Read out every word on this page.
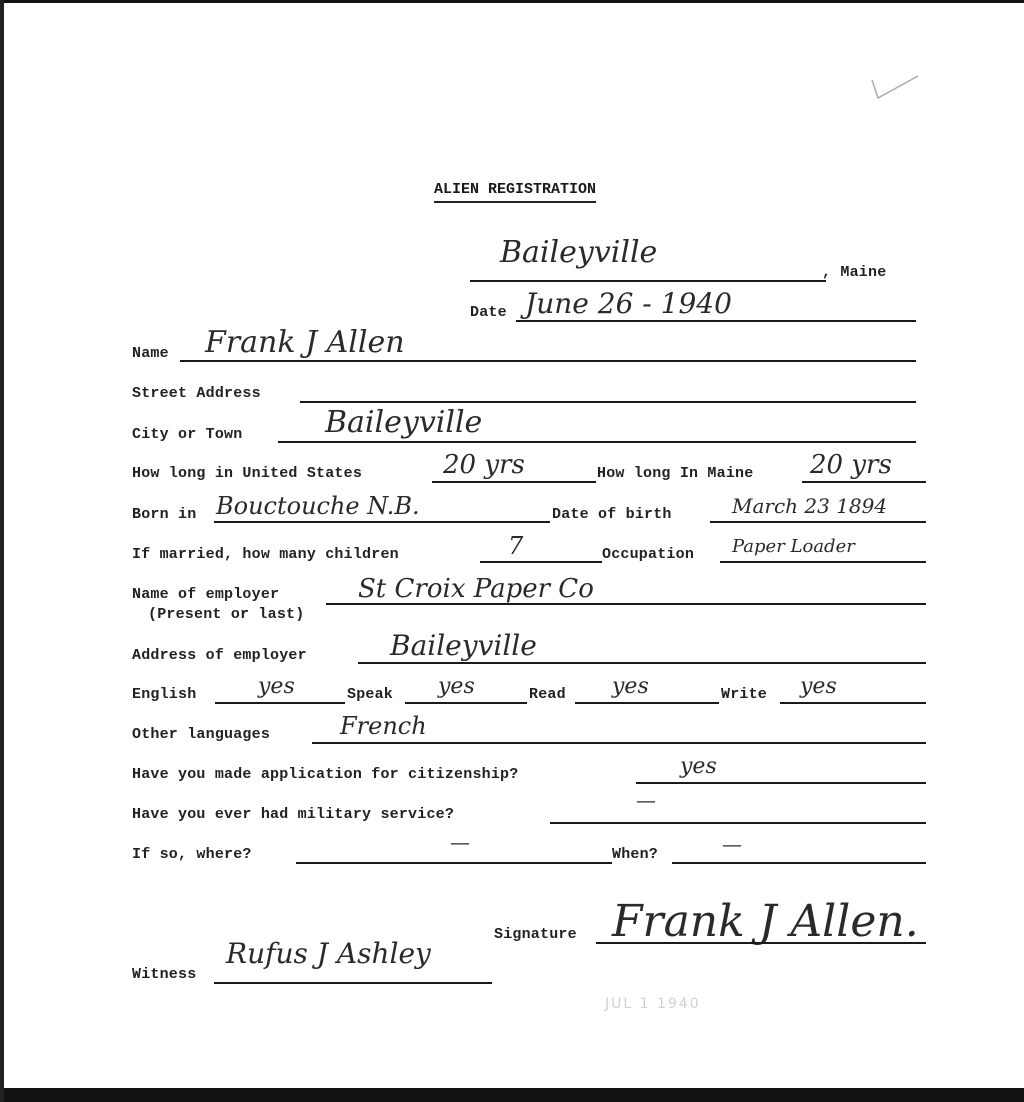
ALIEN REGISTRATION
Baileyville
, Maine
Date June 26 - 1940
Name Frank J Allen
Street Address
City or Town	Baileyville
How long in United States	20 yrs	How long In Maine 20 yrs
Born in Bouctouche N.B.	Date of birth	March 23 1894
If married, how many children	7	Occupation Paper Loader
Name of employer
(Present or last)
St Croix Paper Co
Address of employer	Baileyville
English	yes	Speak yes	Read yes	Write yes
Other languages	French
Have you made application for citizenship?	yes
Have you ever had military service?
—
If so, where?
—
When?	—
Signature Frank J Allen.
Witness
Rufus J Ashley
JUL 1 1940
